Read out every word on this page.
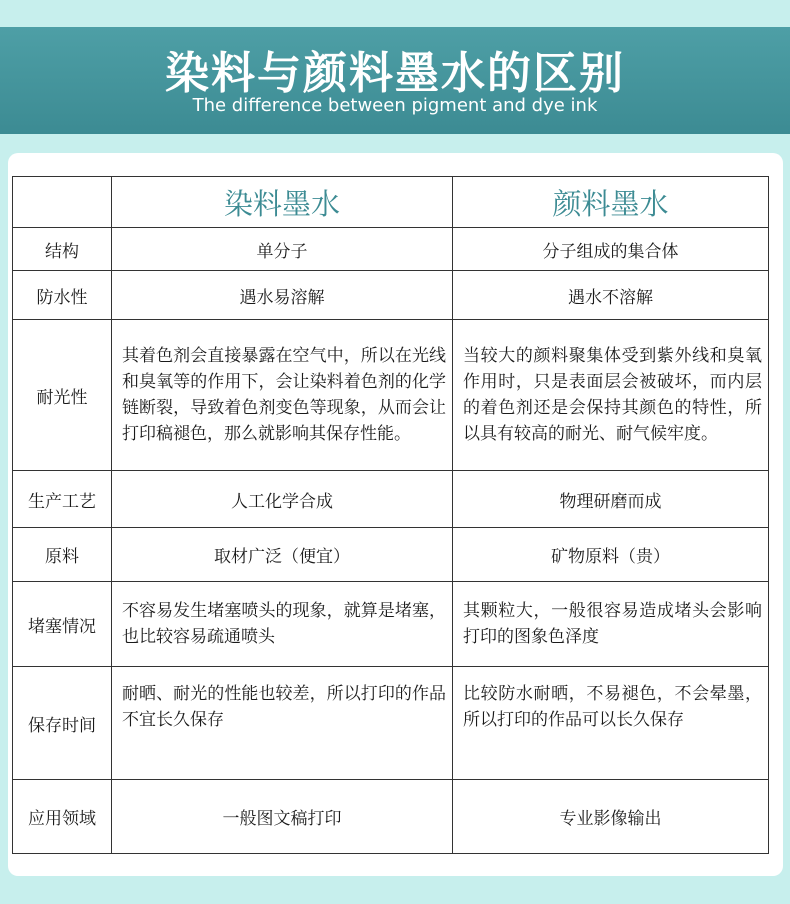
染料与颜料墨水的区别
The difference between pigment and dye ink
	染料墨水	颜料墨水
结构	单分子	分子组成的集合体
防水性	遇水易溶解	遇水不溶解
耐光性	其着色剂会直接暴露在空气中，所以在光线和臭氧等的作用下，会让染料着色剂的化学链断裂，导致着色剂变色等现象，从而会让打印稿褪色，那么就影响其保存性能。	当较大的颜料聚集体受到紫外线和臭氧作用时，只是表面层会被破坏，而内层的着色剂还是会保持其颜色的特性，所以具有较高的耐光、耐气候牢度。
生产工艺	人工化学合成	物理研磨而成
原料	取材广泛（便宜）	矿物原料（贵）
堵塞情况	不容易发生堵塞喷头的现象，就算是堵塞，也比较容易疏通喷头	其颗粒大，一般很容易造成堵头会影响打印的图象色泽度
保存时间	耐晒、耐光的性能也较差，所以打印的作品不宜长久保存	比较防水耐晒，不易褪色，不会晕墨，所以打印的作品可以长久保存
应用领域	一般图文稿打印	专业影像输出
